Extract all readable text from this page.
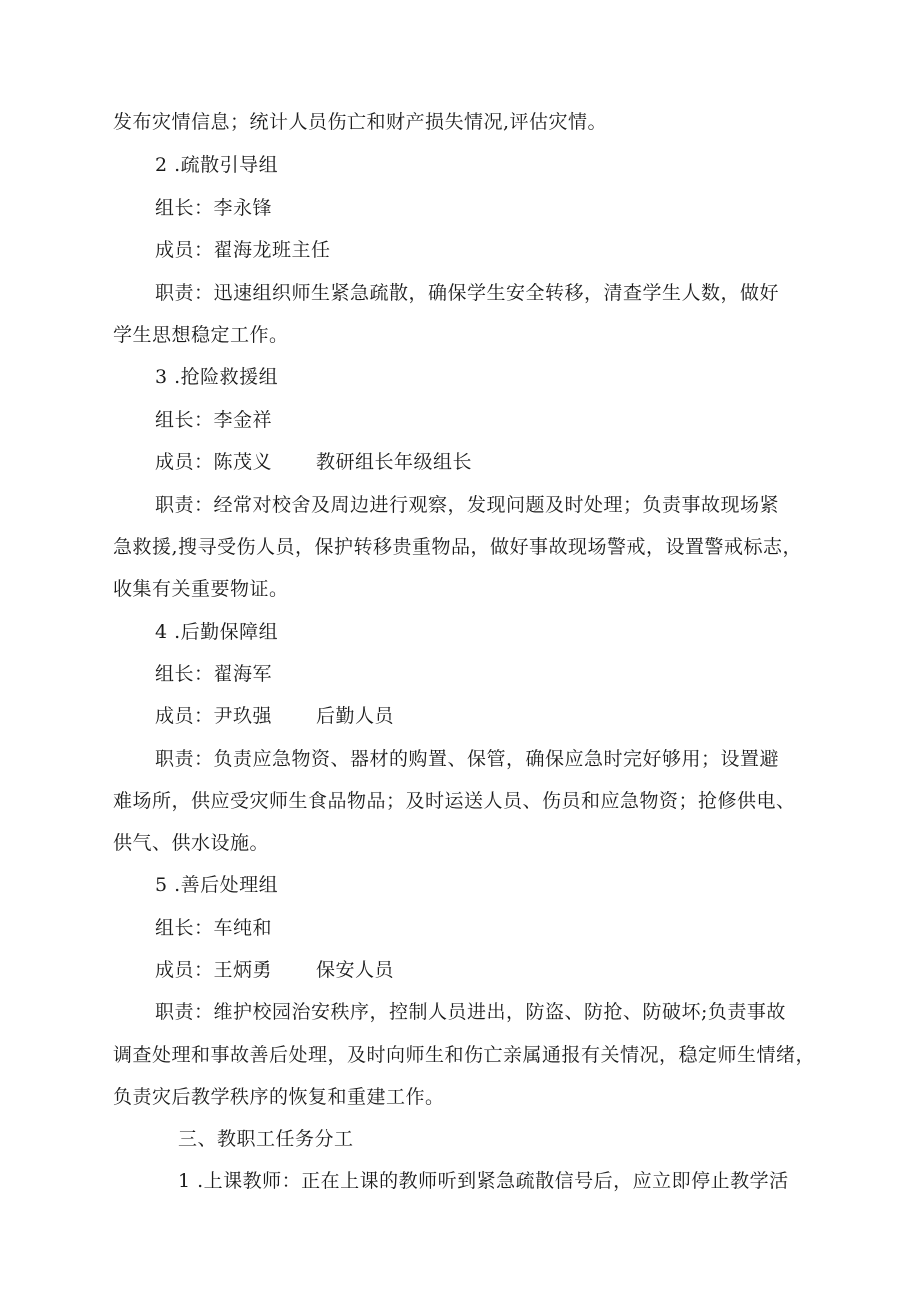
发布灾情信息；统计人员伤亡和财产损失情况,评估灾情。
2 .疏散引导组
组长：李永锋
成员：翟海龙班主任
职责：迅速组织师生紧急疏散，确保学生安全转移，清查学生人数，做好
学生思想稳定工作。
3 .抢险救援组
组长：李金祥
成员：陈茂义 教研组长年级组长
职责：经常对校舍及周边进行观察，发现问题及时处理；负责事故现场紧
急救援,搜寻受伤人员，保护转移贵重物品，做好事故现场警戒，设置警戒标志，
收集有关重要物证。
4 .后勤保障组
组长：翟海军
成员：尹玖强 后勤人员
职责：负责应急物资、器材的购置、保管，确保应急时完好够用；设置避
难场所，供应受灾师生食品物品；及时运送人员、伤员和应急物资；抢修供电、
供气、供水设施。
5 .善后处理组
组长：车纯和
成员：王炳勇 保安人员
职责：维护校园治安秩序，控制人员进出，防盗、防抢、防破坏;负责事故
调查处理和事故善后处理，及时向师生和伤亡亲属通报有关情况，稳定师生情绪，
负责灾后教学秩序的恢复和重建工作。
三、教职工任务分工
1 .上课教师：正在上课的教师听到紧急疏散信号后，应立即停止教学活
